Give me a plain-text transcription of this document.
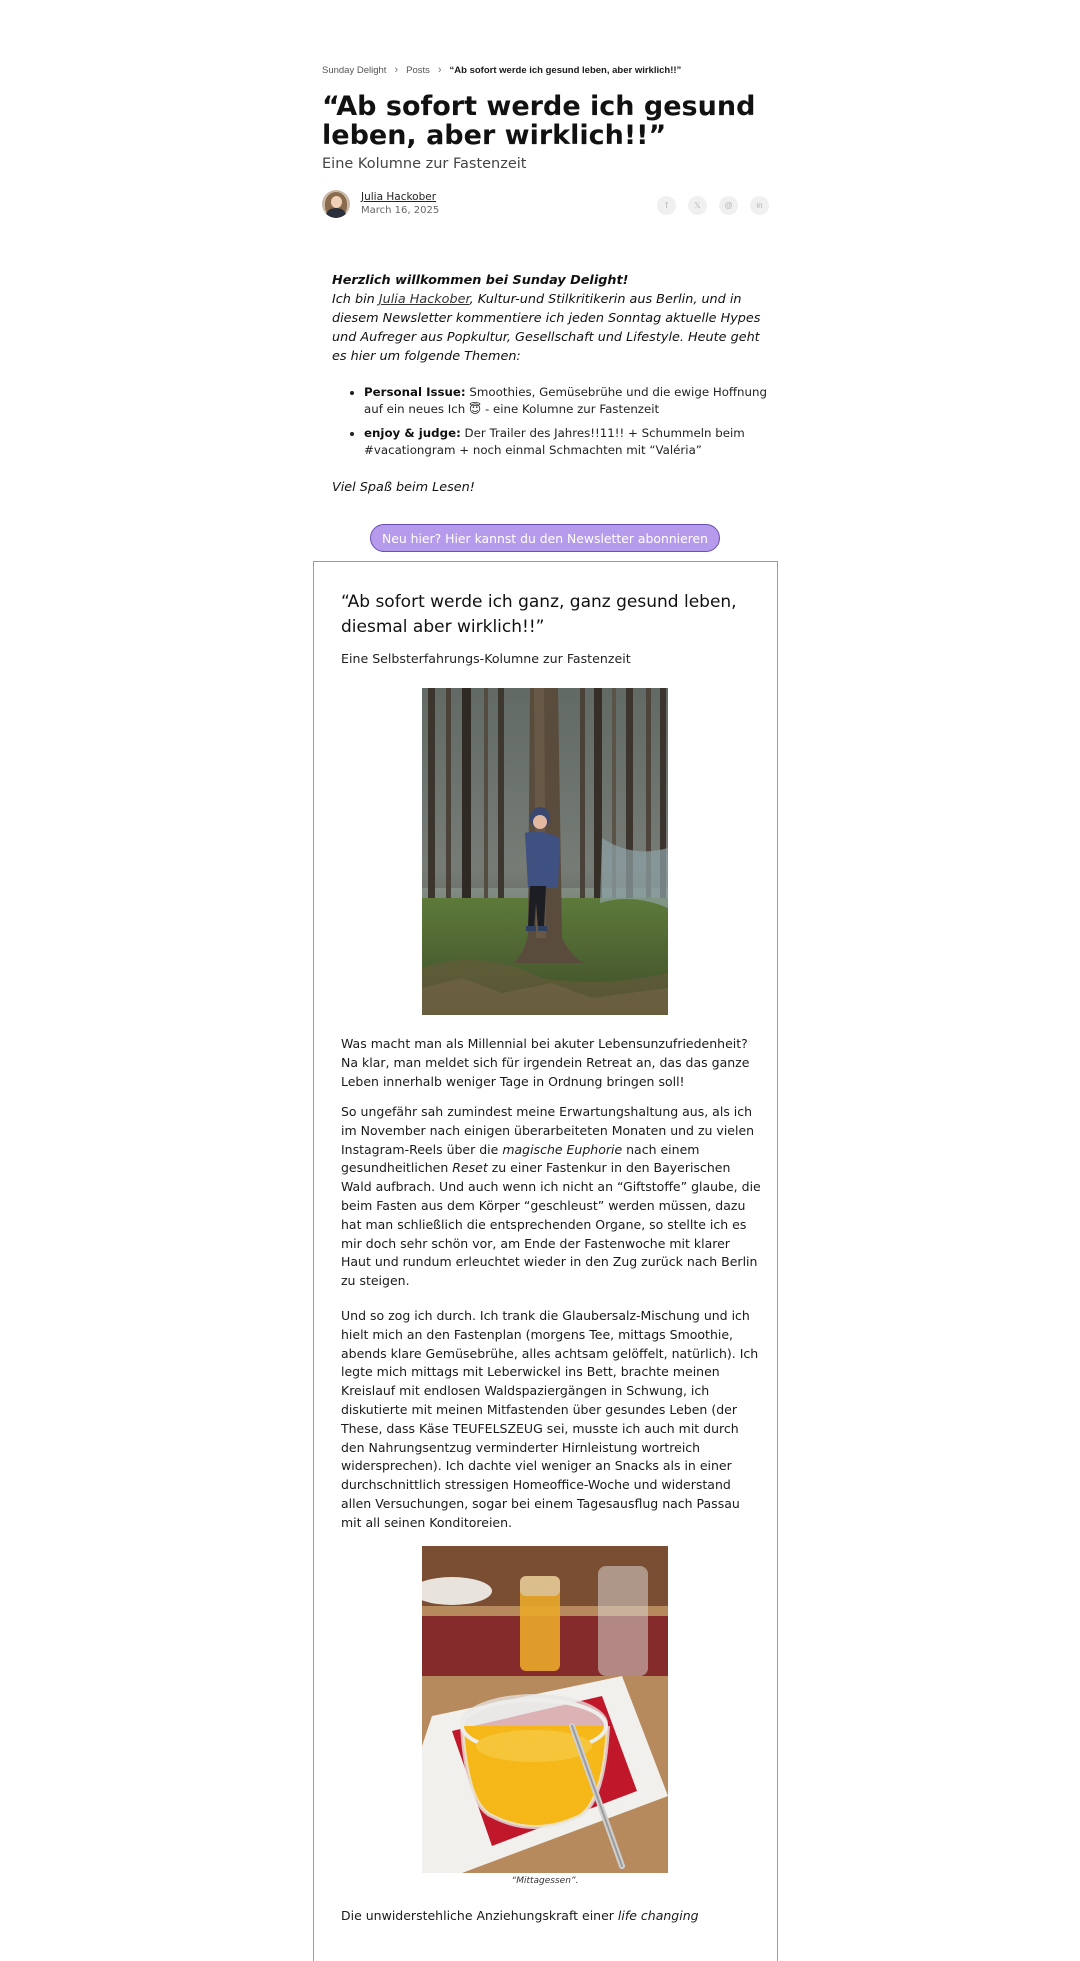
Sunday Delight › Posts › “Ab sofort werde ich gesund leben, aber wirklich!!”
“Ab sofort werde ich gesund leben, aber wirklich!!”

Eine Kolumne zur Fastenzeit

Julia Hackober
March 16, 2025	f	𝕏	@	in
Herzlich willkommen bei Sunday Delight!
Ich bin Julia Hackober, Kultur-und Stilkritikerin aus Berlin, und in diesem Newsletter kommentiere ich jeden Sonntag aktuelle Hypes und Aufreger aus Popkultur, Gesellschaft und Lifestyle. Heute geht es hier um folgende Themen:
• Personal Issue: Smoothies, Gemüsebrühe und die ewige Hoffnung auf ein neues Ich 😇 - eine Kolumne zur Fastenzeit
• enjoy & judge: Der Trailer des Jahres!!11!! + Schummeln beim #vacationgram + noch einmal Schmachten mit “Valéria”
Viel Spaß beim Lesen!
Neu hier? Hier kannst du den Newsletter abonnieren
“Ab sofort werde ich ganz, ganz gesund leben, diesmal aber wirklich!!”
Eine Selbsterfahrungs-Kolumne zur Fastenzeit

Was macht man als Millennial bei akuter Lebensunzufriedenheit? Na klar, man meldet sich für irgendein Retreat an, das das ganze Leben innerhalb weniger Tage in Ordnung bringen soll!

So ungefähr sah zumindest meine Erwartungshaltung aus, als ich im November nach einigen überarbeiteten Monaten und zu vielen Instagram-Reels über die magische Euphorie nach einem gesundheitlichen Reset zu einer Fastenkur in den Bayerischen Wald aufbrach. Und auch wenn ich nicht an “Giftstoffe” glaube, die beim Fasten aus dem Körper “geschleust” werden müssen, dazu hat man schließlich die entsprechenden Organe, so stellte ich es mir doch sehr schön vor, am Ende der Fastenwoche mit klarer Haut und rundum erleuchtet wieder in den Zug zurück nach Berlin zu steigen.

Und so zog ich durch. Ich trank die Glaubersalz-Mischung und ich hielt mich an den Fastenplan (morgens Tee, mittags Smoothie, abends klare Gemüsebrühe, alles achtsam gelöffelt, natürlich). Ich legte mich mittags mit Leberwickel ins Bett, brachte meinen Kreislauf mit endlosen Waldspaziergängen in Schwung, ich diskutierte mit meinen Mitfastenden über gesundes Leben (der These, dass Käse TEUFELSZEUG sei, musste ich auch mit durch den Nahrungsentzug verminderter Hirnleistung wortreich widersprechen). Ich dachte viel weniger an Snacks als in einer durchschnittlich stressigen Homeoffice-Woche und widerstand allen Versuchungen, sogar bei einem Tagesausflug nach Passau mit all seinen Konditoreien.

“Mittagessen”.

Die unwiderstehliche Anziehungskraft einer life changing
